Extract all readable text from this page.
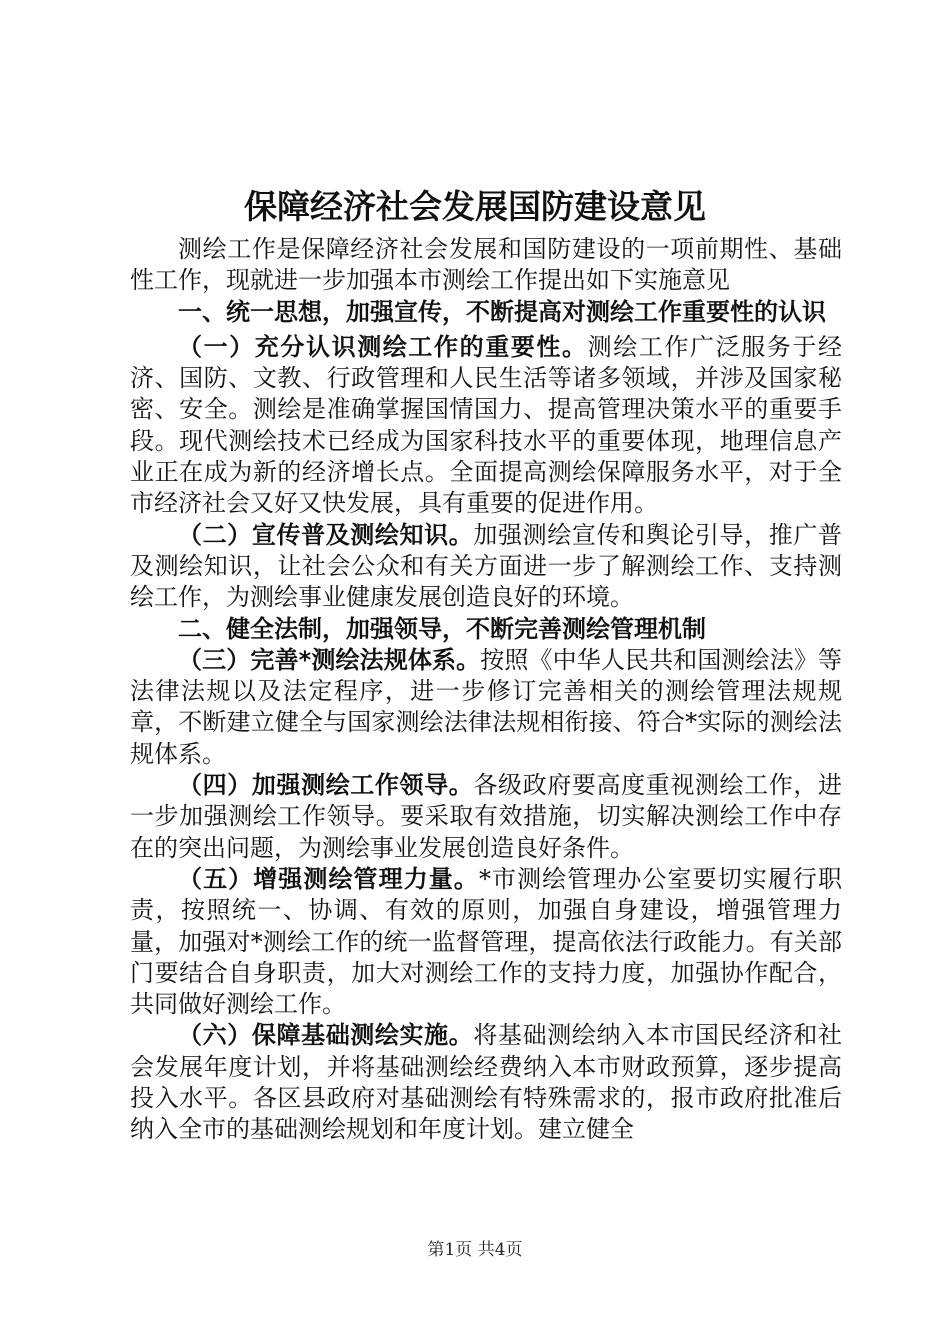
保障经济社会发展国防建设意见

测绘工作是保障经济社会发展和国防建设的一项前期性、基础性工作，现就进一步加强本市测绘工作提出如下实施意见

一、统一思想，加强宣传，不断提高对测绘工作重要性的认识

（一）充分认识测绘工作的重要性。测绘工作广泛服务于经济、国防、文教、行政管理和人民生活等诸多领域，并涉及国家秘密、安全。测绘是准确掌握国情国力、提高管理决策水平的重要手段。现代测绘技术已经成为国家科技水平的重要体现，地理信息产业正在成为新的经济增长点。全面提高测绘保障服务水平，对于全市经济社会又好又快发展，具有重要的促进作用。

（二）宣传普及测绘知识。加强测绘宣传和舆论引导，推广普及测绘知识，让社会公众和有关方面进一步了解测绘工作、支持测绘工作，为测绘事业健康发展创造良好的环境。

二、健全法制，加强领导，不断完善测绘管理机制

（三）完善*测绘法规体系。按照《中华人民共和国测绘法》等法律法规以及法定程序，进一步修订完善相关的测绘管理法规规章，不断建立健全与国家测绘法律法规相衔接、符合*实际的测绘法规体系。

（四）加强测绘工作领导。各级政府要高度重视测绘工作，进一步加强测绘工作领导。要采取有效措施，切实解决测绘工作中存在的突出问题，为测绘事业发展创造良好条件。

（五）增强测绘管理力量。*市测绘管理办公室要切实履行职责，按照统一、协调、有效的原则，加强自身建设，增强管理力量，加强对*测绘工作的统一监督管理，提高依法行政能力。有关部门要结合自身职责，加大对测绘工作的支持力度，加强协作配合，共同做好测绘工作。

（六）保障基础测绘实施。将基础测绘纳入本市国民经济和社会发展年度计划，并将基础测绘经费纳入本市财政预算，逐步提高投入水平。各区县政府对基础测绘有特殊需求的，报市政府批准后纳入全市的基础测绘规划和年度计划。建立健全

第1页 共4页
